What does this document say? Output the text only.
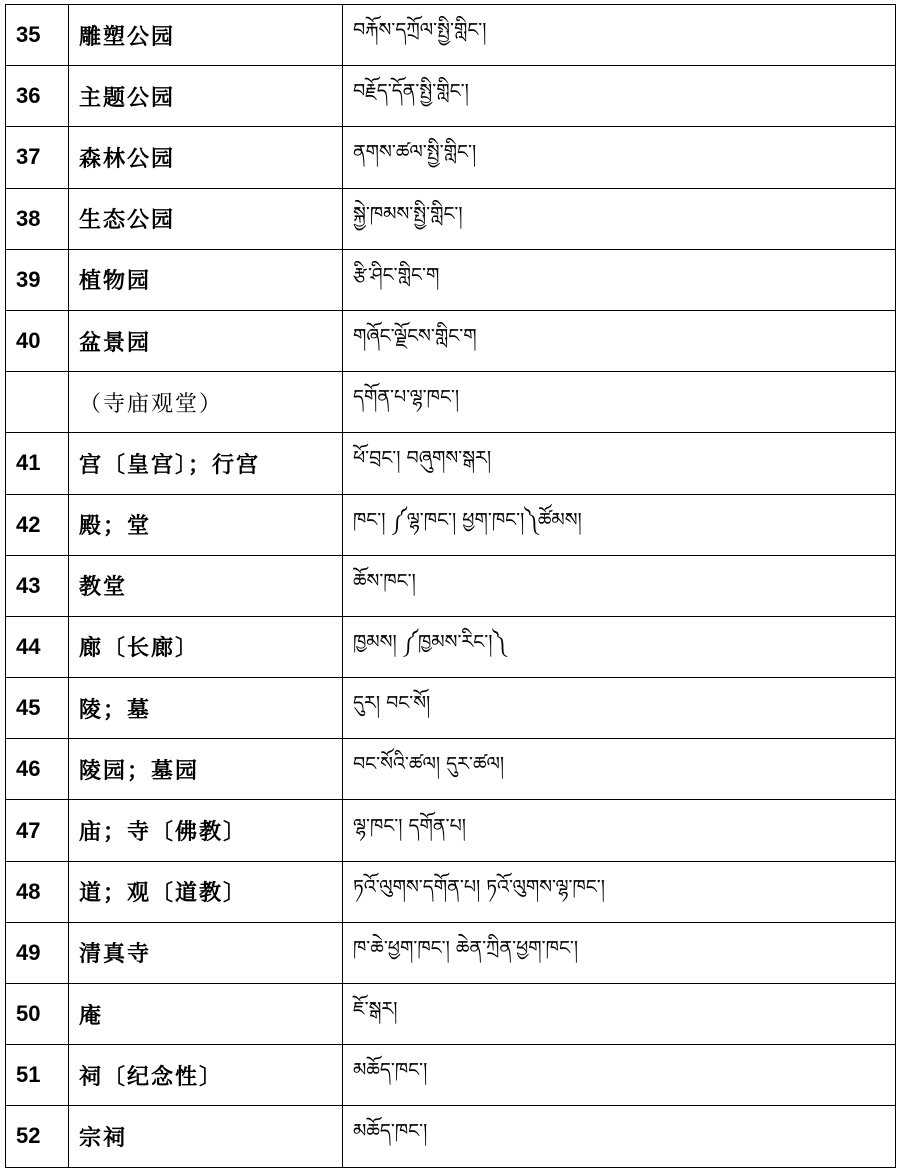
35	雕塑公园	བརྐོས་དཀྲོལ་སྤྱི་གླིང་།
36	主题公园	བརྗོད་དོན་སྤྱི་གླིང་།
37	森林公园	ནགས་ཚལ་སྤྱི་གླིང་།
38	生态公园	སྐྱེ་ཁམས་སྤྱི་གླིང་།
39	植物园	རྩི་ཤིང་གླིང་ག
40	盆景园	གཞོང་ལྗོངས་གླིང་ག
	（寺庙观堂）	དགོན་པ་ལྷ་ཁང་།
41	宫〔皇宫〕；行宫	ཕོ་བྲང་། བཞུགས་སྒར།
42	殿；堂	ཁང་། ༼ལྷ་ཁང་། ཕྱག་ཁང་།༽ཚོམས།
43	教堂	ཆོས་ཁང་།
44	廊〔长廊〕	ཁྱམས། ༼ཁྱམས་རིང་།༽
45	陵；墓	དུར། བང་སོ།
46	陵园；墓园	བང་སོའི་ཚལ། དུར་ཚལ།
47	庙；寺〔佛教〕	ལྷ་ཁང་། དགོན་པ།
48	道；观〔道教〕	ཏའོ་ལུགས་དགོན་པ། ཏའོ་ལུགས་ལྷ་ཁང་།
49	清真寺	ཁ་ཆེ་ཕྱག་ཁང་། ཆེན་ཀྲིན་ཕྱག་ཁང་།
50	庵	ཇོ་སྒར།
51	祠〔纪念性〕	མཆོད་ཁང་།
52	宗祠	མཆོད་ཁང་།
